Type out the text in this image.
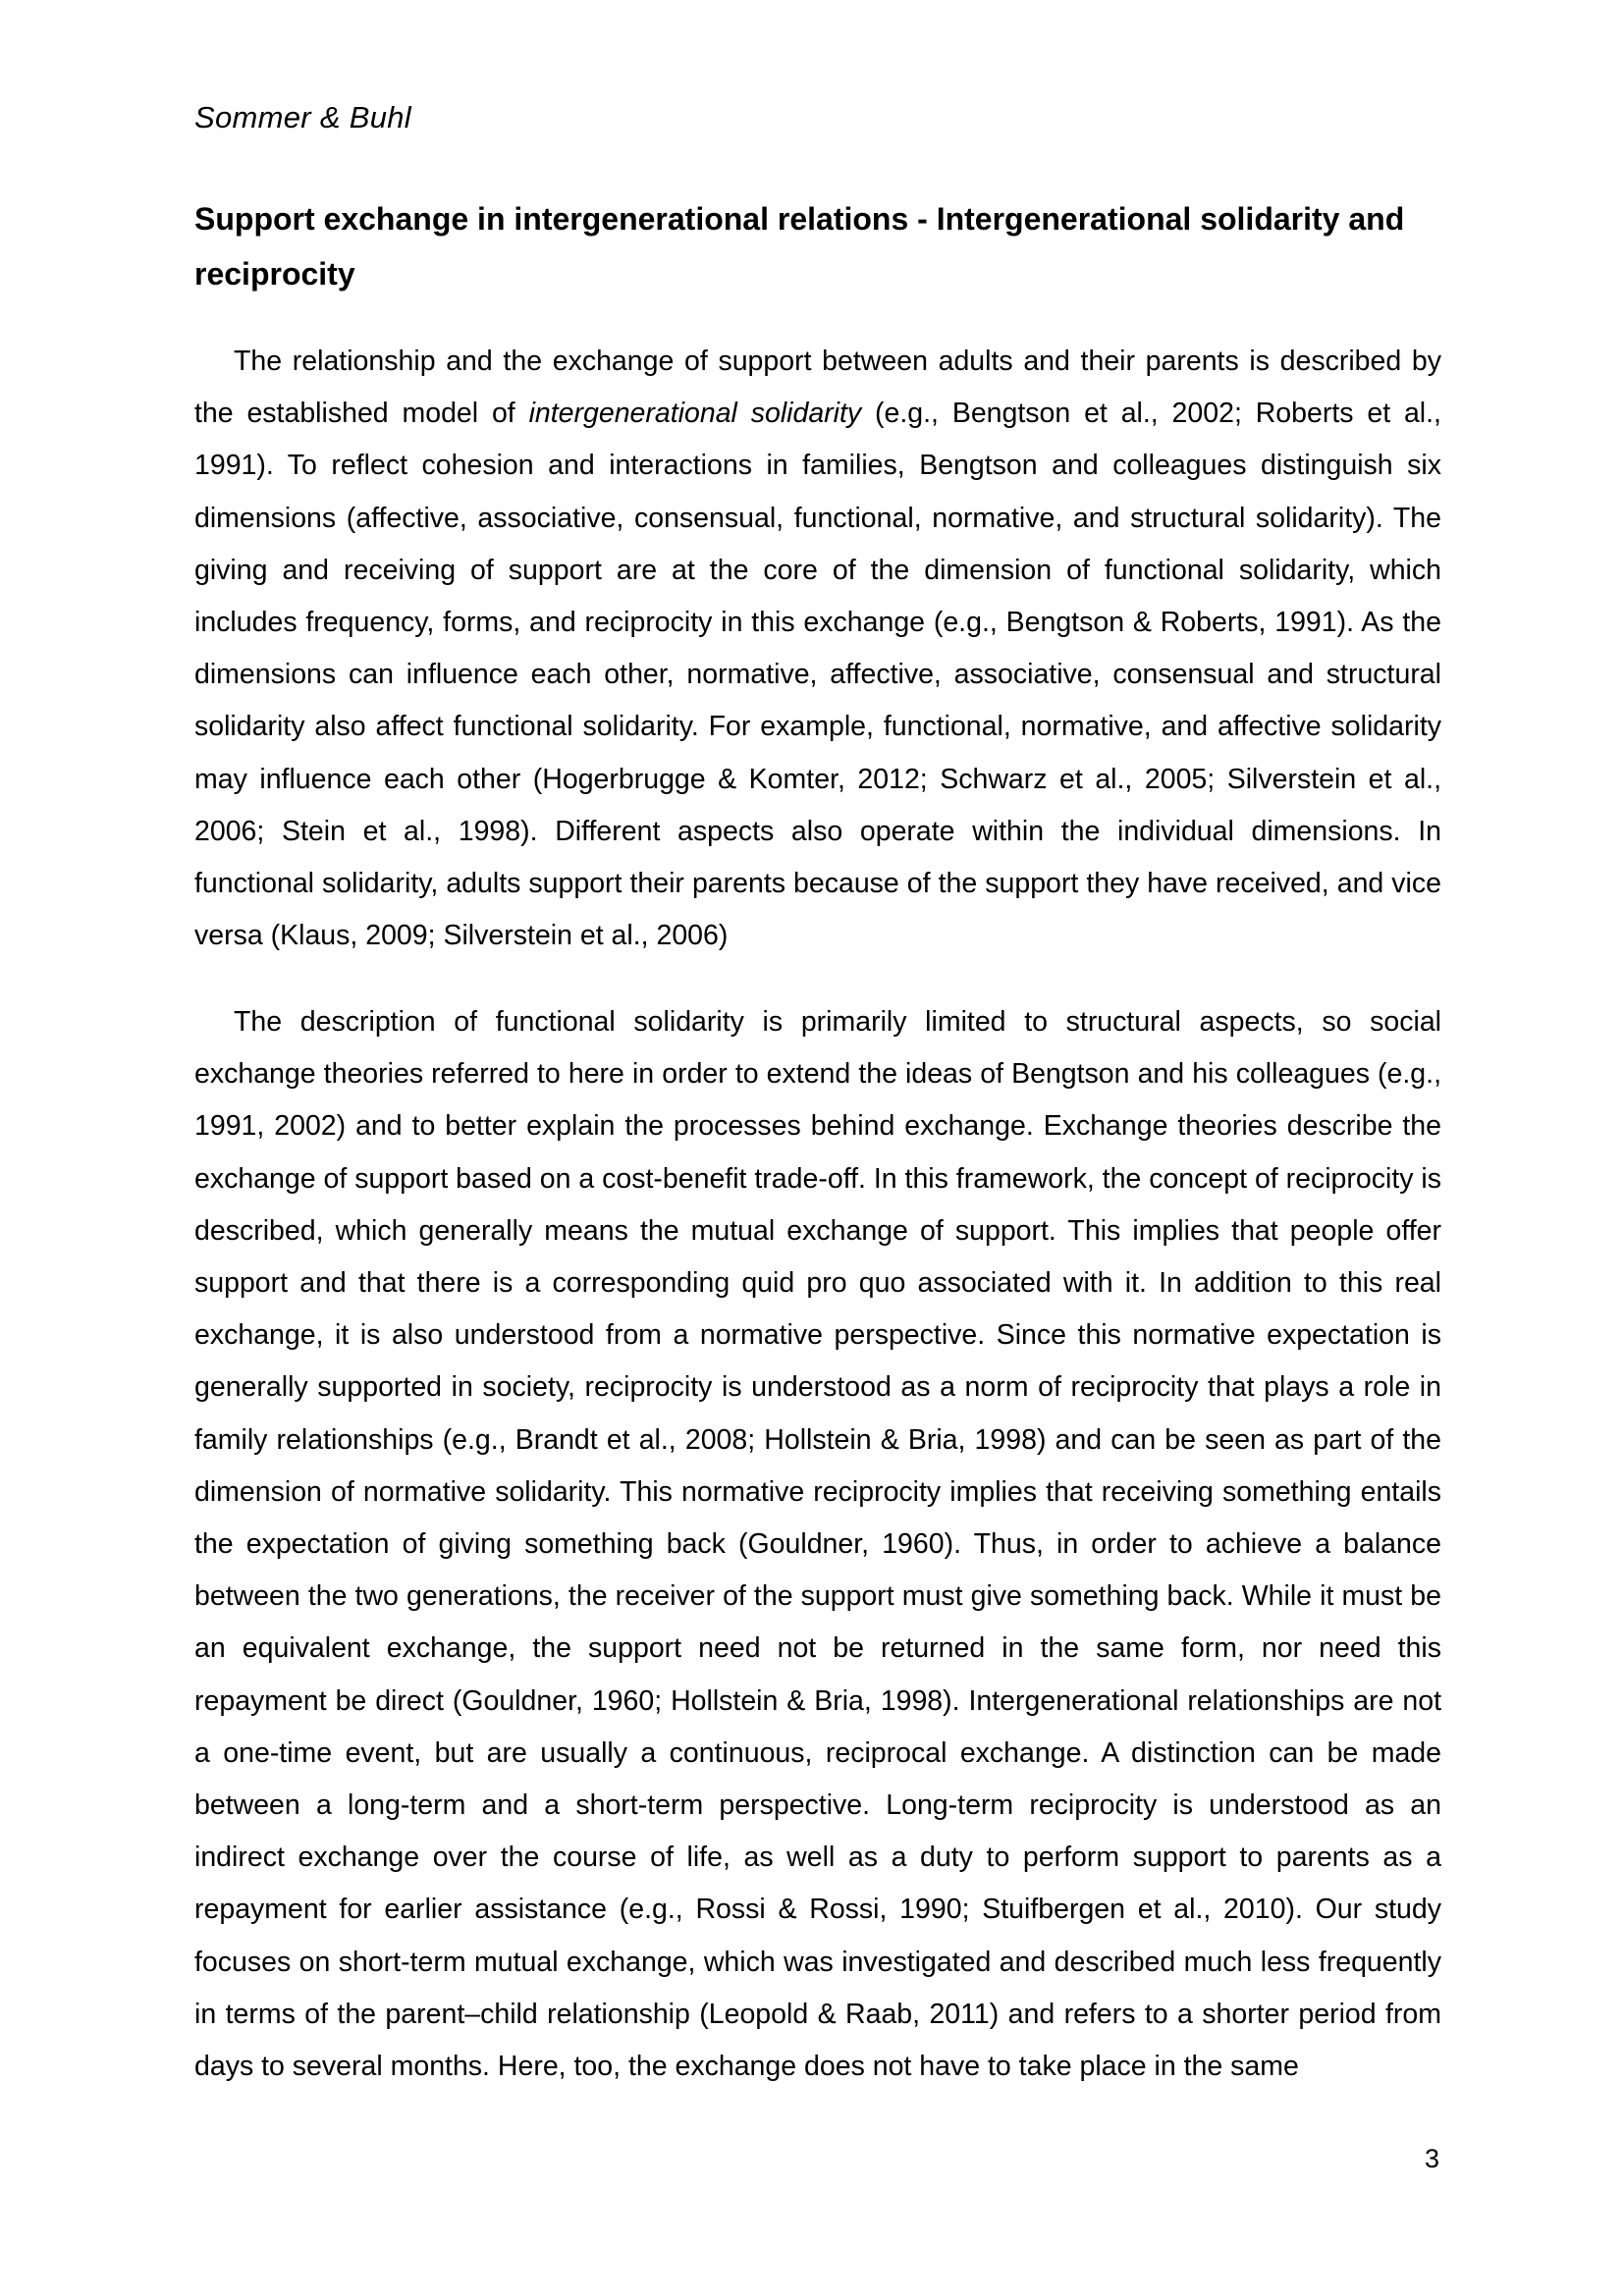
Sommer & Buhl
Support exchange in intergenerational relations - Intergenerational solidarity and reciprocity

The relationship and the exchange of support between adults and their parents is described by the established model of intergenerational solidarity (e.g., Bengtson et al., 2002; Roberts et al., 1991). To reflect cohesion and interactions in families, Bengtson and colleagues distinguish six dimensions (affective, associative, consensual, functional, normative, and structural solidarity). The giving and receiving of support are at the core of the dimension of functional solidarity, which includes frequency, forms, and reciprocity in this exchange (e.g., Bengtson & Roberts, 1991). As the dimensions can influence each other, normative, affective, associative, consensual and structural solidarity also affect functional solidarity. For example, functional, normative, and affective solidarity may influence each other (Hogerbrugge & Komter, 2012; Schwarz et al., 2005; Silverstein et al., 2006; Stein et al., 1998). Different aspects also operate within the individual dimensions. In functional solidarity, adults support their parents because of the support they have received, and vice versa (Klaus, 2009; Silverstein et al., 2006)

The description of functional solidarity is primarily limited to structural aspects, so social exchange theories referred to here in order to extend the ideas of Bengtson and his colleagues (e.g., 1991, 2002) and to better explain the processes behind exchange. Exchange theories describe the exchange of support based on a cost-benefit trade-off. In this framework, the concept of reciprocity is described, which generally means the mutual exchange of support. This implies that people offer support and that there is a corresponding quid pro quo associated with it. In addition to this real exchange, it is also understood from a normative perspective. Since this normative expectation is generally supported in society, reciprocity is understood as a norm of reciprocity that plays a role in family relationships (e.g., Brandt et al., 2008; Hollstein & Bria, 1998) and can be seen as part of the dimension of normative solidarity. This normative reciprocity implies that receiving something entails the expectation of giving something back (Gouldner, 1960). Thus, in order to achieve a balance between the two generations, the receiver of the support must give something back. While it must be an equivalent exchange, the support need not be returned in the same form, nor need this repayment be direct (Gouldner, 1960; Hollstein & Bria, 1998). Intergenerational relationships are not a one-time event, but are usually a continuous, reciprocal exchange. A distinction can be made between a long-term and a short-term perspective. Long-term reciprocity is understood as an indirect exchange over the course of life, as well as a duty to perform support to parents as a repayment for earlier assistance (e.g., Rossi & Rossi, 1990; Stuifbergen et al., 2010). Our study focuses on short-term mutual exchange, which was investigated and described much less frequently in terms of the parent–child relationship (Leopold & Raab, 2011) and refers to a shorter period from days to several months. Here, too, the exchange does not have to take place in the same

3
